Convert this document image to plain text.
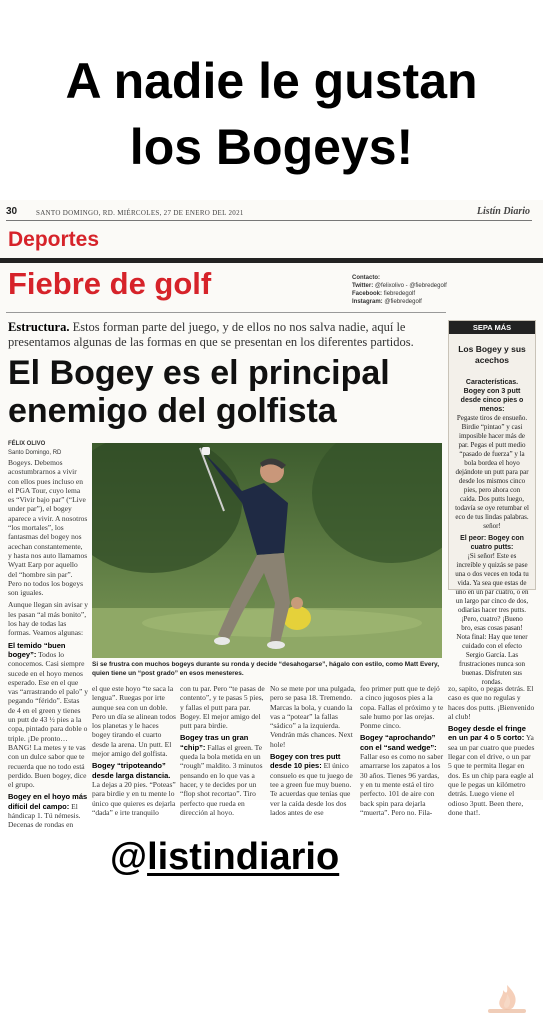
A nadie le gustan
los Bogeys!
30	SANTO DOMINGO, RD. MIÉRCOLES, 27 DE ENERO DEL 2021	Listín Diario
Deportes
Fiebre de golf	Contacto:
Twitter: @felixolivo - @fiebredegolf
Facebook: fiebredegolf
Instagram: @fiebredegolf
Estructura. Estos forman parte del juego, y de ellos no nos salva nadie, aquí le presentamos algunas de las formas en que se presentan en los diferentes partidos.
El Bogey es el principal
enemigo del golfista
FÉLIX OLIVO
Santo Domingo, RD
Si se frustra con muchos bogeys durante su ronda y decide “desahogarse”, hágalo con estilo, como Matt Every, quien tiene un “post grado” en esos menesteres.

Bogeys. Debemos acostumbrarnos a vivir con ellos pues incluso en el PGA Tour, cuyo lema es “Vivir bajo par” (“Live under par”), el bogey aparece a vivir. A nosotros “los mortales”, los fantasmas del bogey nos acechan constantemente, y hasta nos auto llamamos Wyatt Earp por aquello del “hombre sin par”. Pero no todos los bogeys son iguales.

Aunque llegan sin avisar y les pasan “al más bonito”, los hay de todas las formas. Veamos algunas:

El temido “buen bogey”: Todos lo conocemos. Casi siempre sucede en el hoyo menos esperado. Ese en el que vas “arrastrando el palo” y pegando “férido”. Estas de 4 en el green y tienes un putt de 43 ½ pies a la copa, pintado para doble o triple. ¡De pronto… BANG! La metes y te vas con un dulce sabor que te recuerda que no todo está perdido. Buen bogey, dice el grupo.

Bogey en el hoyo más difícil del campo: El hándicap 1. Tú némesis. Decenas de rondas en

el que este hoyo “te saca la lengua”. Ruegas por irte aunque sea con un doble. Pero un día se alinean todos los planetas y le haces bogey tirando el cuarto desde la arena. Un putt. El mejor amigo del golfista.

Bogey “tripoteando” desde larga distancia. La dejas a 20 pies. “Poteas” para birdie y en tu mente lo único que quieres es dejarla “dada” e irte tranquilo

con tu par. Pero “te pasas de contento”, y te pasas 5 pies, y fallas el putt para par. Bogey. El mejor amigo del putt para birdie.

Bogey tras un gran “chip”: Fallas el green. Te queda la bola metida en un “rough” maldito. 3 minutos pensando en lo que vas a hacer, y te decides por un “flop shot recortao”. Tiro perfecto que rueda en dirección al hoyo.

No se mete por una pulgada, pero se pasa 18. Tremendo. Marcas la bola, y cuando la vas a “potear” la fallas “sádico” a la izquierda. Vendrán más chances. Next hole!

Bogey con tres putt desde 10 pies: El único consuelo es que tu juego de tee a green fue muy bueno. Te acuerdas que tenías que ver la caída desde los dos lados antes de ese

feo primer putt que te dejó a cinco jugosos pies a la copa. Fallas el próximo y te sale humo por las orejas. Ponme cinco.

Bogey “aprochando” con el “sand wedge”: Fallar eso es como no saber amarrarse los zapatos a los 30 años. Tienes 96 yardas, y en tu mente está el tiro perfecto. 101 de aire con back spin para dejarla “muerta”. Pero no. Fila-

zo, sapito, o pegas detrás. El caso es que no regulas y haces dos putts. ¡Bienvenido al club!

Bogey desde el fringe en un par 4 o 5 corto: Ya sea un par cuatro que puedes llegar con el drive, o un par 5 que te permita llegar en dos. Es un chip para eagle al que le pegas un kilómetro detrás. Luego viene el odioso 3putt. Been there, done that!.

SEPA MÁS
Los Bogey y sus acechos
Características.
Bogey con 3 putt desde cinco pies o menos:
Pegaste tiros de ensueño. Birdie “pintao” y casi imposible hacer más de par. Pegas el putt medio “pasado de fuerza” y la bola bordea el hoyo dejándote un putt para par desde los mismos cinco pies, pero ahora con caída. Dos putts luego, todavía se oye retumbar el eco de tus lindas palabras. señor!
El peor: Bogey con cuatro putts:
¡Si señor! Este es increíble y quizás se pase una o dos veces en toda tu vida. Ya sea que estas de uno en un par cuatro, o en un largo par cinco de dos, odiarías hacer tres putts. ¡Pero, cuatro? ¡Bueno bro, esas cosas pasan! Nota final: Hay que tener cuidado con el efecto Sergio García. Las frustraciones nunca son buenas. Disfruten sus rondas.
@listindiario
